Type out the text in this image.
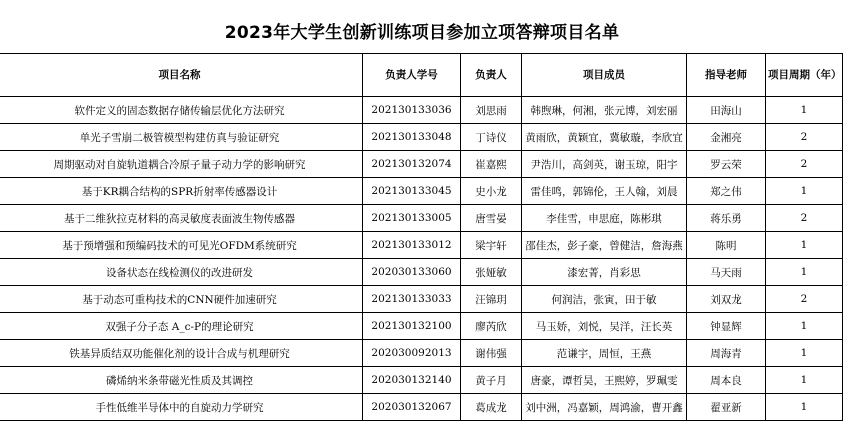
2023年大学生创新训练项目参加立项答辩项目名单
项目名称	负责人学号	负责人	项目成员	指导老师	项目周期（年）
软件定义的固态数据存储传输层优化方法研究	202130133036	刘思雨	韩煦琳，何湘，张元博，刘宏丽	田海山	1
单光子雪崩二极管模型构建仿真与验证研究	202130133048	丁诗仪	黄雨欣，黄颖宜，冀敏璇，李欣宜	金湘亮	2
周期驱动对自旋轨道耦合冷原子量子动力学的影响研究	202130132074	崔嘉熙	尹浩川，高剑英，谢玉琼，阳宇	罗云荣	2
基于KR耦合结构的SPR折射率传感器设计	202130133045	史小龙	雷佳鸣，郭锦伦，王人翰，刘晨	郑之伟	1
基于二维狄拉克材料的高灵敏度表面波生物传感器	202130133005	唐雪晏	李佳雪，申思庭，陈彬琪	蒋乐勇	2
基于预增强和预编码技术的可见光OFDM系统研究	202130133012	梁宇轩	邵佳杰，彭子豪，曾健洁，詹海燕	陈明	1
设备状态在线检测仪的改进研发	202030133060	张娅敏	漆宏菁，肖彩思	马天雨	1
基于动态可重构技术的CNN硬件加速研究	202130133033	汪锦玥	何润洁，张寅，田于敏	刘双龙	2
双强子分子态 A_c-P的理论研究	202130132100	廖芮欣	马玉娇，刘悦，吴洋，汪长英	钟显辉	1
铁基异质结双功能催化剂的设计合成与机理研究	202030092013	谢伟强	范谦宇，周恒，王燕	周海青	1
磷烯纳米条带磁光性质及其调控	202030132140	黄子月	唐豪，谭哲昊，王熙婷，罗珮雯	周本良	1
手性低维半导体中的自旋动力学研究	202030132067	葛成龙	刘中洲，冯嘉颖，周鸿渝，曹开鑫	翟亚新	1
